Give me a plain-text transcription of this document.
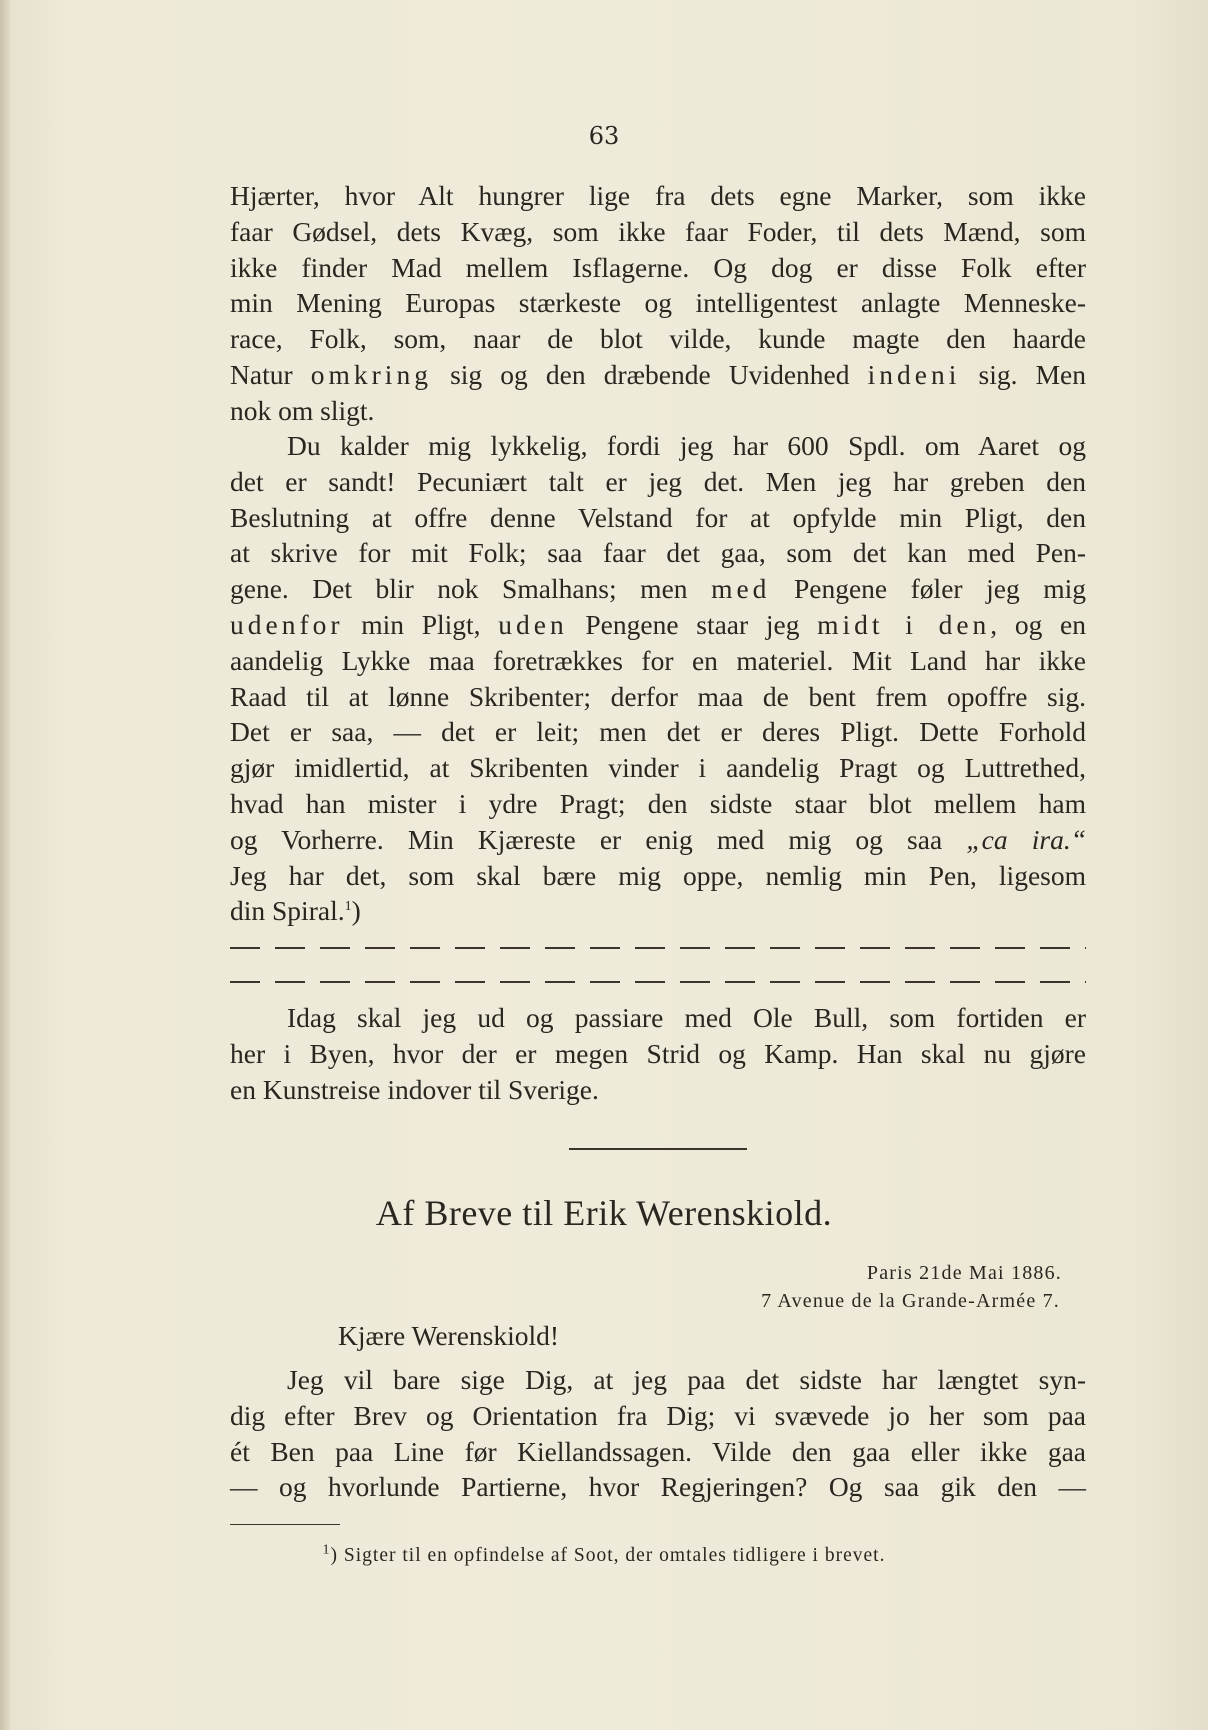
63
Hjærter, hvor Alt hungrer lige fra dets egne Marker, som ikke
faar Gødsel, dets Kvæg, som ikke faar Foder, til dets Mænd, som
ikke finder Mad mellem Isflagerne. Og dog er disse Folk efter
min Mening Europas stærkeste og intelligentest anlagte Menneske-
race, Folk, som, naar de blot vilde, kunde magte den haarde
Natur omkring sig og den dræbende Uvidenhed indeni sig. Men
nok om sligt.
Du kalder mig lykkelig, fordi jeg har 600 Spdl. om Aaret og
det er sandt! Pecuniært talt er jeg det. Men jeg har greben den
Beslutning at offre denne Velstand for at opfylde min Pligt, den
at skrive for mit Folk; saa faar det gaa, som det kan med Pen-
gene. Det blir nok Smalhans; men med Pengene føler jeg mig
udenfor min Pligt, uden Pengene staar jeg midt i den, og en
aandelig Lykke maa foretrækkes for en materiel. Mit Land har ikke
Raad til at lønne Skribenter; derfor maa de bent frem opoffre sig.
Det er saa, — det er leit; men det er deres Pligt. Dette Forhold
gjør imidlertid, at Skribenten vinder i aandelig Pragt og Luttrethed,
hvad han mister i ydre Pragt; den sidste staar blot mellem ham
og Vorherre. Min Kjæreste er enig med mig og saa „ca ira.“
Jeg har det, som skal bære mig oppe, nemlig min Pen, ligesom
din Spiral.$^1$)
Idag skal jeg ud og passiare med Ole Bull, som fortiden er
her i Byen, hvor der er megen Strid og Kamp. Han skal nu gjøre
en Kunstreise indover til Sverige.
Af Breve til Erik Werenskiold.
Paris 21de Mai 1886.
7 Avenue de la Grande-Armée 7.
Kjære Werenskiold!
Jeg vil bare sige Dig, at jeg paa det sidste har længtet syn-
dig efter Brev og Orientation fra Dig; vi svævede jo her som paa
ét Ben paa Line før Kiellandssagen. Vilde den gaa eller ikke gaa
— og hvorlunde Partierne, hvor Regjeringen? Og saa gik den —
$^1$) Sigter til en opfindelse af Soot, der omtales tidligere i brevet.
